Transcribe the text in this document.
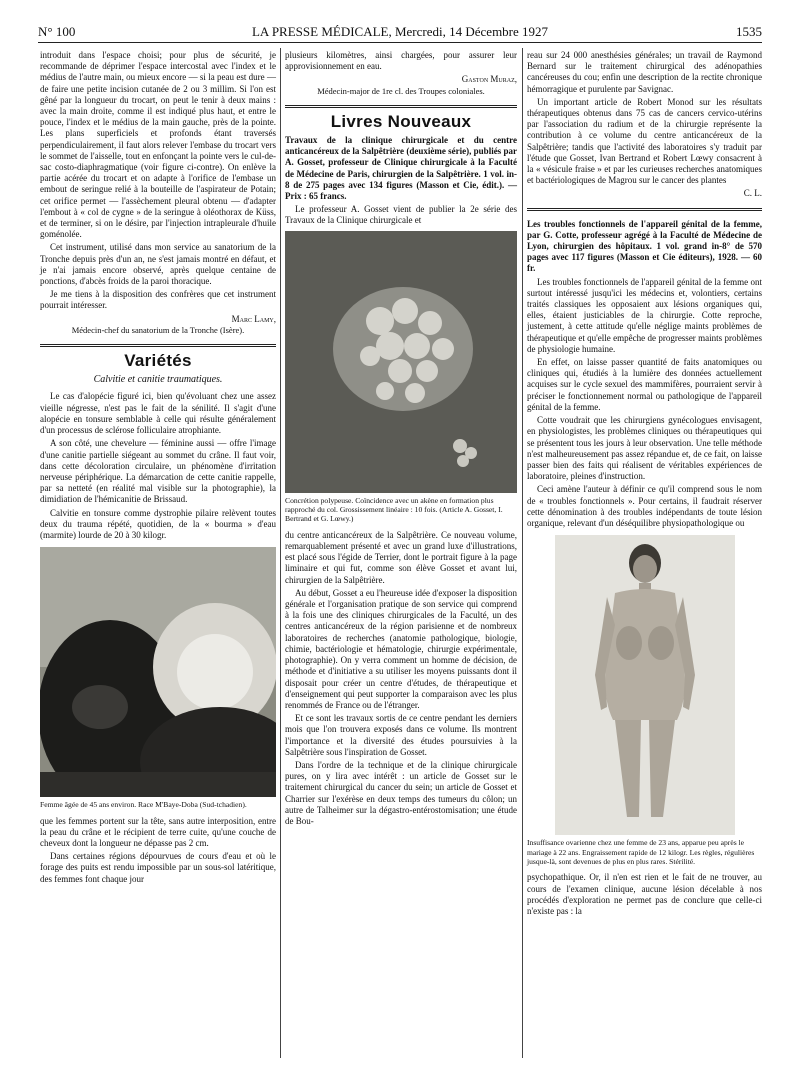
N° 100	LA PRESSE MÉDICALE, Mercredi, 14 Décembre 1927	1535

introduit dans l'espace choisi; pour plus de sécurité, je recommande de déprimer l'espace intercostal avec l'index et le médius de l'autre main, ou mieux encore — si la peau est dure — de faire une petite incision cutanée de 2 ou 3 millim. Si l'on est gêné par la longueur du trocart, on peut le tenir à deux mains : avec la main droite, comme il est indiqué plus haut, et entre le pouce, l'index et le médius de la main gauche, près de la pointe. Les plans superficiels et profonds étant traversés perpendiculairement, il faut alors relever l'embase du trocart vers le sommet de l'aisselle, tout en enfonçant la pointe vers le cul-de-sac costo-diaphragmatique (voir figure ci-contre). On enlève la partie acérée du trocart et on adapte à l'orifice de l'embase un embout de seringue relié à la bouteille de l'aspirateur de Potain; cet orifice permet — l'assèchement pleural obtenu — d'adapter l'embout à « col de cygne » de la seringue à oléothorax de Küss, et de terminer, si on le désire, par l'injection intrapleurale d'huile goménolée.

Cet instrument, utilisé dans mon service au sanatorium de la Tronche depuis près d'un an, ne s'est jamais montré en défaut, et je n'ai jamais encore observé, après quelque centaine de ponctions, d'abcès froids de la paroi thoracique.

Je me tiens à la disposition des confrères que cet instrument pourrait intéresser.

Marc Lamy,
Médecin-chef du sanatorium de la Tronche (Isère).
Variétés
Calvitie et canitie traumatiques.

Le cas d'alopécie figuré ici, bien qu'évoluant chez une assez vieille négresse, n'est pas le fait de la sénilité. Il s'agit d'une alopécie en tonsure semblable à celle qui résulte généralement d'un processus de sclérose folliculaire atrophiante.

A son côté, une chevelure — féminine aussi — offre l'image d'une canitie partielle siégeant au sommet du crâne. Il faut voir, dans cette décoloration circulaire, un phénomène d'irritation nerveuse périphérique. La démarcation de cette canitie rappelle, par sa netteté (en réalité mal visible sur la photographie), la dimidiation de l'hémicanitie de Brissaud.

Calvitie en tonsure comme dystrophie pilaire relèvent toutes deux du trauma répété, quotidien, de la « bourma » d'eau (marmite) lourde de 20 à 30 kilogr.

Femme âgée de 45 ans environ. Race M'Baye-Doba (Sud-tchadien).

que les femmes portent sur la tête, sans autre interposition, entre la peau du crâne et le récipient de terre cuite, qu'une couche de cheveux dont la longueur ne dépasse pas 2 cm.

Dans certaines régions dépourvues de cours d'eau et où le forage des puits est rendu impossible par un sous-sol latéritique, des femmes font chaque jour

plusieurs kilomètres, ainsi chargées, pour assurer leur approvisionnement en eau.

Gaston Muraz,
Médecin-major de 1re cl. des Troupes coloniales.
Livres Nouveaux

Travaux de la clinique chirurgicale et du centre anticancéreux de la Salpêtrière (deuxième série), publiés par A. Gosset, professeur de Clinique chirurgicale à la Faculté de Médecine de Paris, chirurgien de la Salpêtrière. 1 vol. in-8 de 275 pages avec 134 figures (Masson et Cie, édit.). — Prix : 65 francs.

Le professeur A. Gosset vient de publier la 2e série des Travaux de la Clinique chirurgicale et

Concrétion polypeuse. Coïncidence avec un akène en formation plus rapproché du col. Grossissement linéaire : 10 fois. (Article A. Gosset, I. Bertrand et G. Lœwy.)

du centre anticancéreux de la Salpêtrière. Ce nouveau volume, remarquablement présenté et avec un grand luxe d'illustrations, est placé sous l'égide de Terrier, dont le portrait figure à la page liminaire et qui fut, comme son élève Gosset et avant lui, chirurgien de la Salpêtrière.

Au début, Gosset a eu l'heureuse idée d'exposer la disposition générale et l'organisation pratique de son service qui comprend à la fois une des cliniques chirurgicales de la Faculté, un des centres anticancéreux de la région parisienne et de nombreux laboratoires de recherches (anatomie pathologique, biologie, chimie, bactériologie et hématologie, chirurgie expérimentale, photographie). On y verra comment un homme de décision, de méthode et d'initiative a su utiliser les moyens puissants dont il disposait pour créer un centre d'études, de thérapeutique et d'enseignement qui peut supporter la comparaison avec les plus renommés de France ou de l'étranger.

Et ce sont les travaux sortis de ce centre pendant les derniers mois que l'on trouvera exposés dans ce volume. Ils montrent l'importance et la diversité des études poursuivies à la Salpêtrière sous l'inspiration de Gosset.

Dans l'ordre de la technique et de la clinique chirurgicale pures, on y lira avec intérêt : un article de Gosset sur le traitement chirurgical du cancer du sein; un article de Gosset et Charrier sur l'exérèse en deux temps des tumeurs du côlon; un autre de Talheimer sur la dégastro-entérostomisation; une étude de Bou-

reau sur 24 000 anesthésies générales; un travail de Raymond Bernard sur le traitement chirurgical des adénopathies cancéreuses du cou; enfin une description de la rectite chronique hémorragique et purulente par Savignac.

Un important article de Robert Monod sur les résultats thérapeutiques obtenus dans 75 cas de cancers cervico-utérins par l'association du radium et de la chirurgie représente la contribution à ce volume du centre anticancéreux de la Salpêtrière; tandis que l'activité des laboratoires s'y traduit par l'étude que Gosset, Ivan Bertrand et Robert Lœwy consacrent à la « vésicule fraise » et par les curieuses recherches anatomiques et bactériologiques de Magrou sur le cancer des plantes

C. L.

Les troubles fonctionnels de l'appareil génital de la femme, par G. Cotte, professeur agrégé à la Faculté de Médecine de Lyon, chirurgien des hôpitaux. 1 vol. grand in-8° de 570 pages avec 117 figures (Masson et Cie éditeurs), 1928. — 60 fr.

Les troubles fonctionnels de l'appareil génital de la femme ont surtout intéressé jusqu'ici les médecins et, volontiers, certains traités classiques les opposaient aux lésions organiques qui, elles, étaient justiciables de la chirurgie. Cotte reproche, justement, à cette attitude qu'elle néglige maints problèmes de thérapeutique et qu'elle empêche de progresser maints problèmes de physiologie humaine.

En effet, on laisse passer quantité de faits anatomiques ou cliniques qui, étudiés à la lumière des données actuellement acquises sur le cycle sexuel des mammifères, pourraient servir à préciser le fonctionnement normal ou pathologique de l'appareil génital de la femme.

Cotte voudrait que les chirurgiens gynécologues envisagent, en physiologistes, les problèmes cliniques ou thérapeutiques qui se présentent tous les jours à leur observation. Une telle méthode n'est malheureusement pas assez répandue et, de ce fait, on laisse passer bien des faits qui réalisent de véritables expériences de laboratoire, pleines d'instruction.

Ceci amène l'auteur à définir ce qu'il comprend sous le nom de « troubles fonctionnels ». Pour certains, il faudrait réserver cette dénomination à des troubles indépendants de toute lésion organique, relevant d'un déséquilibre physiopathologique ou

Insuffisance ovarienne chez une femme de 23 ans, apparue peu après le mariage à 22 ans. Engraissement rapide de 12 kilogr. Les règles, régulières jusque-là, sont devenues de plus en plus rares. Stérilité.

psychopathique. Or, il n'en est rien et le fait de ne trouver, au cours de l'examen clinique, aucune lésion décelable à nos procédés d'exploration ne permet pas de conclure que celle-ci n'existe pas : la
